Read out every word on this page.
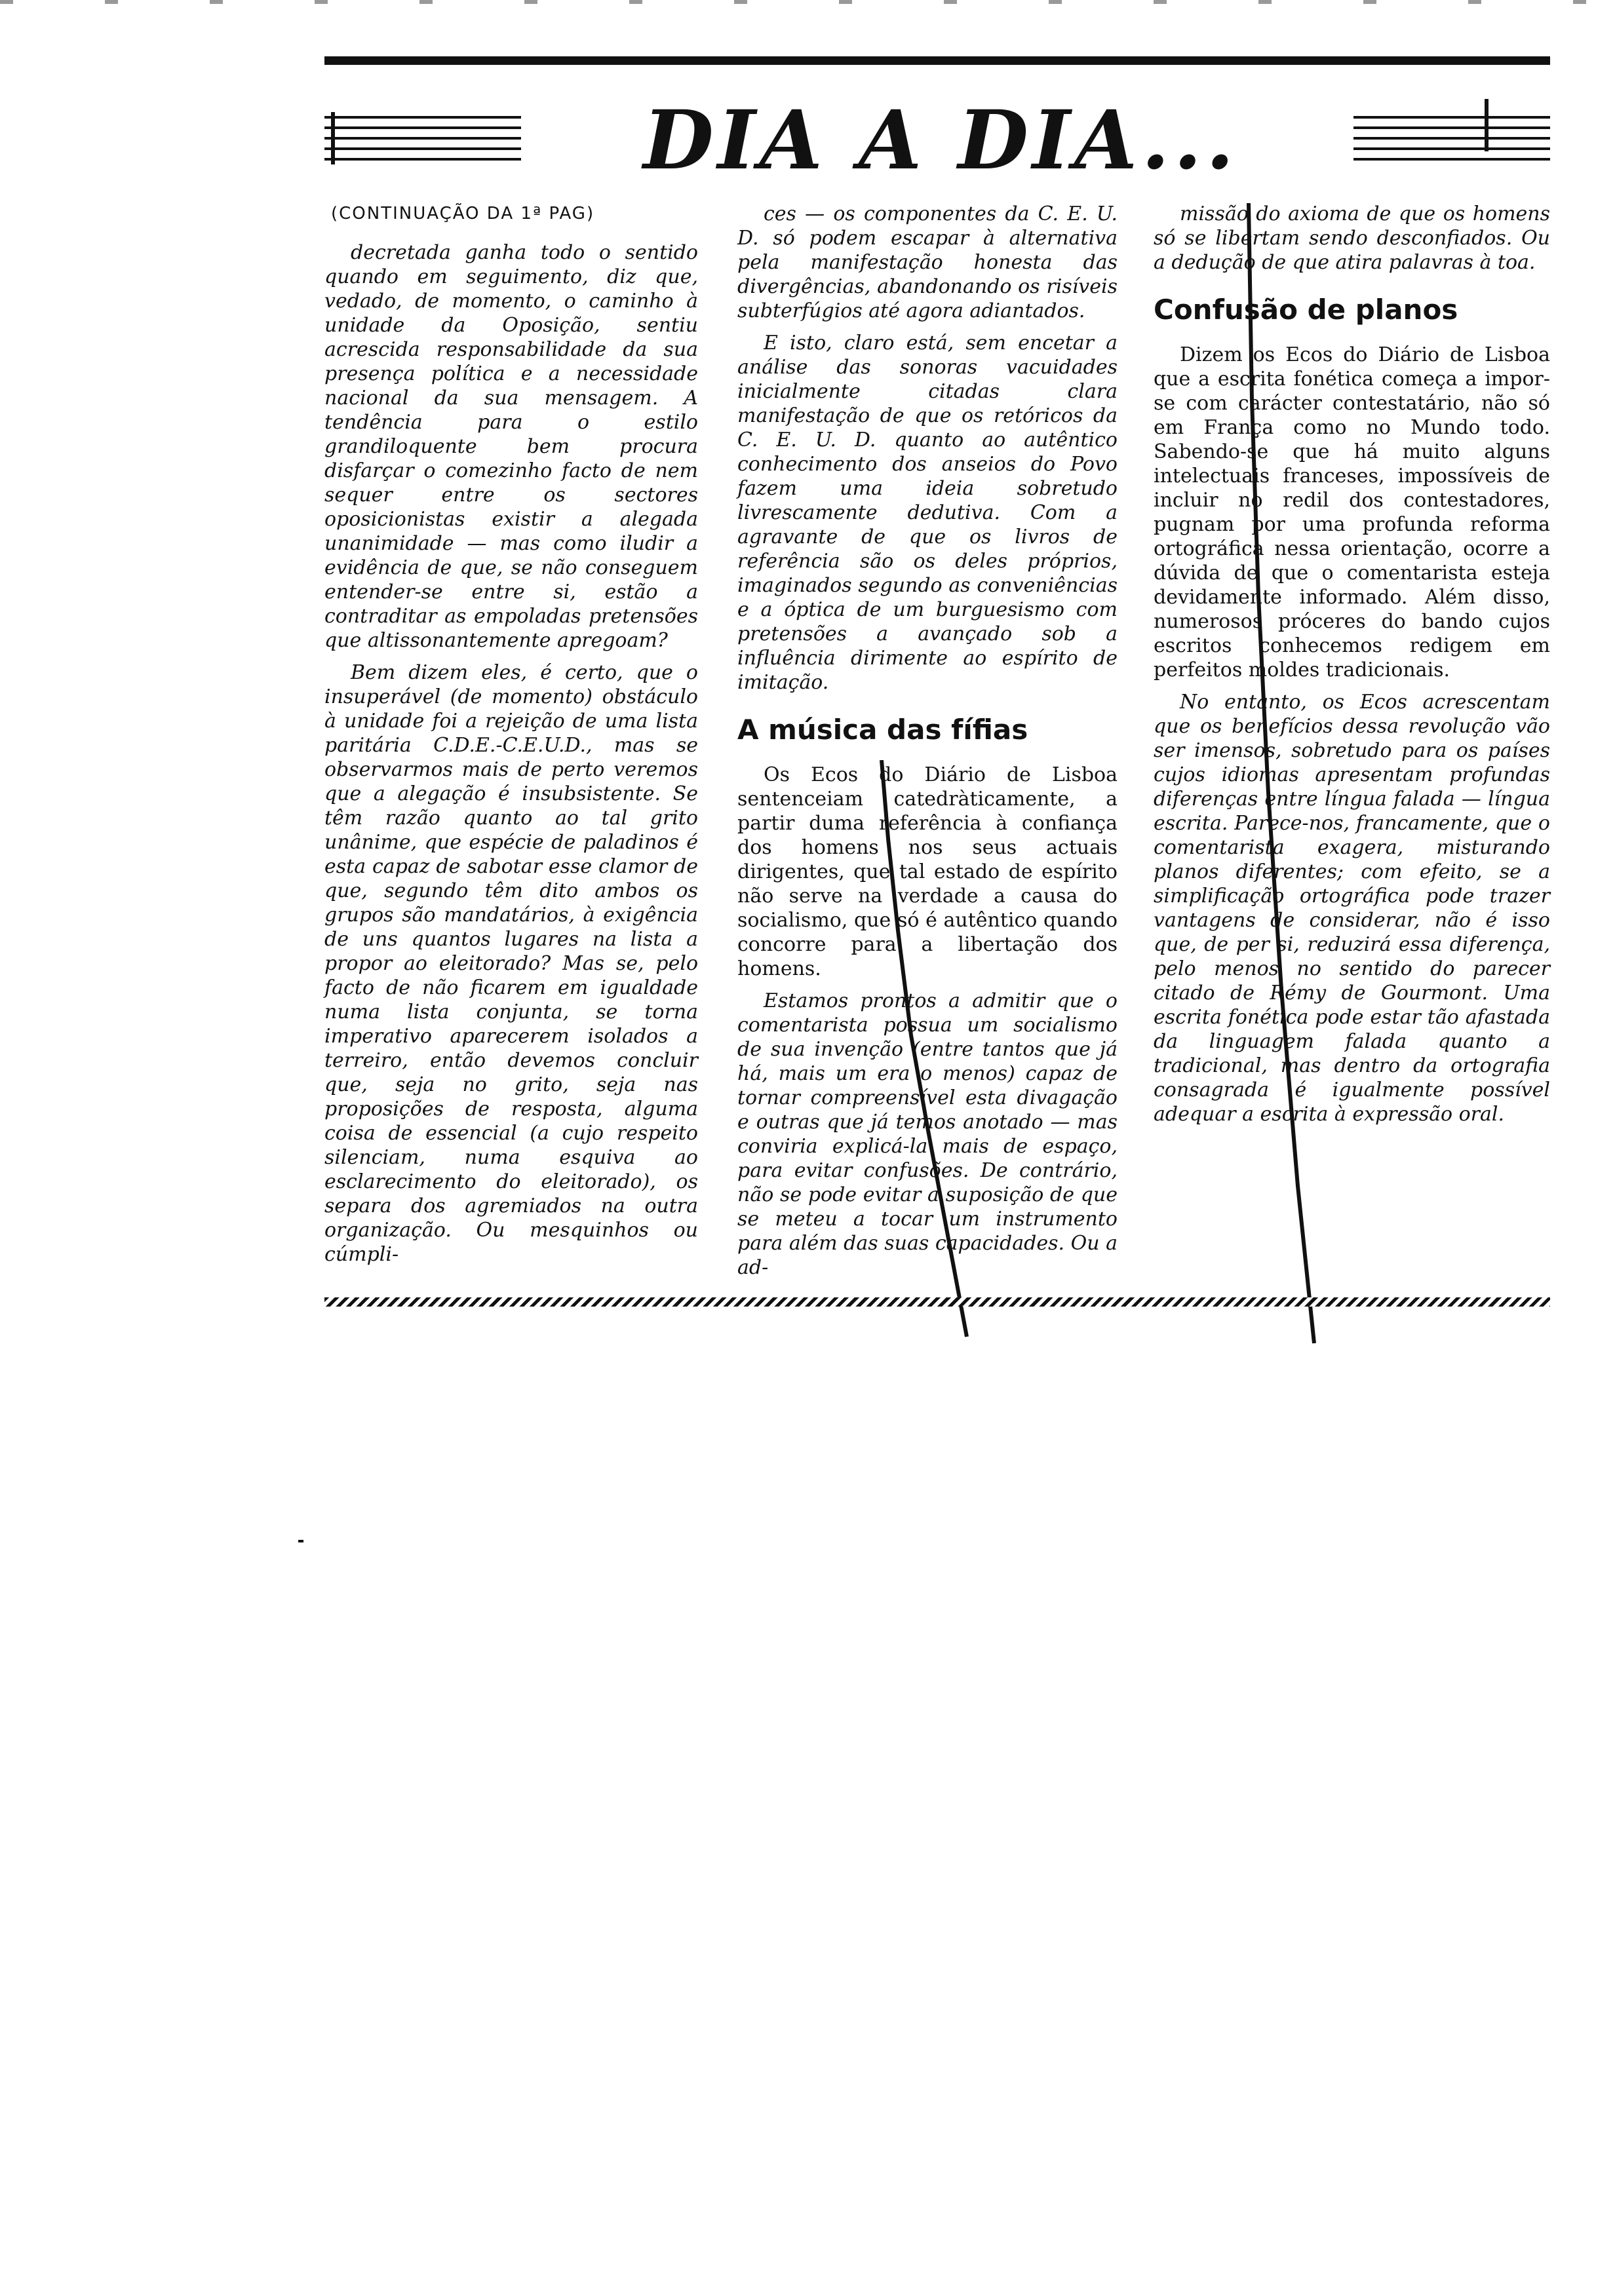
DIA A DIA...
(CONTINUAÇÃO DA 1ª PAG)

decretada ganha todo o sentido quando em seguimento, diz que, vedado, de momento, o caminho à unidade da Oposição, sentiu acrescida responsabilidade da sua presença política e a necessidade nacional da sua mensagem. A tendência para o estilo grandiloquente bem procura disfarçar o comezinho facto de nem sequer entre os sectores oposicionistas existir a alegada unanimidade — mas como iludir a evidência de que, se não conseguem entender-se entre si, estão a contraditar as empoladas pretensões que altissonantemente apregoam?

Bem dizem eles, é certo, que o insuperável (de momento) obstáculo à unidade foi a rejeição de uma lista paritária C.D.E.-C.E.U.D., mas se observarmos mais de perto veremos que a alegação é insubsistente. Se têm razão quanto ao tal grito unânime, que espécie de paladinos é esta capaz de sabotar esse clamor de que, segundo têm dito ambos os grupos são mandatários, à exigência de uns quantos lugares na lista a propor ao eleitorado? Mas se, pelo facto de não ficarem em igualdade numa lista conjunta, se torna imperativo aparecerem isolados a terreiro, então devemos concluir que, seja no grito, seja nas proposições de resposta, alguma coisa de essencial (a cujo respeito silenciam, numa esquiva ao esclarecimento do eleitorado), os separa dos agremiados na outra organização. Ou mesquinhos ou cúmpli-

ces — os componentes da C. E. U. D. só podem escapar à alternativa pela manifestação honesta das divergências, abandonando os risíveis subterfúgios até agora adiantados.

E isto, claro está, sem encetar a análise das sonoras vacuidades inicialmente citadas clara manifestação de que os retóricos da C. E. U. D. quanto ao autêntico conhecimento dos anseios do Povo fazem uma ideia sobretudo livrescamente dedutiva. Com a agravante de que os livros de referência são os deles próprios, imaginados segundo as conveniências e a óptica de um burguesismo com pretensões a avançado sob a influência dirimente ao espírito de imitação.

A música das fífias

Os Ecos do Diário de Lisboa sentenceiam catedràticamente, a partir duma referência à confiança dos homens nos seus actuais dirigentes, que tal estado de espírito não serve na verdade a causa do socialismo, que só é autêntico quando concorre para a libertação dos homens.

Estamos prontos a admitir que o comentarista possua um socialismo de sua invenção (entre tantos que já há, mais um era o menos) capaz de tornar compreensível esta divagação e outras que já temos anotado — mas conviria explicá-la mais de espaço, para evitar confusões. De contrário, não se pode evitar a suposição de que se meteu a tocar um instrumento para além das suas capacidades. Ou a ad-

missão do axioma de que os homens só se libertam sendo desconfiados. Ou a dedução de que atira palavras à toa.

Confusão de planos

Dizem os Ecos do Diário de Lisboa que a escrita fonética começa a impor-se com carácter contestatário, não só em França como no Mundo todo. Sabendo-se que há muito alguns intelectuais franceses, impossíveis de incluir no redil dos contestadores, pugnam por uma profunda reforma ortográfica nessa orientação, ocorre a dúvida de que o comentarista esteja devidamente informado. Além disso, numerosos próceres do bando cujos escritos conhecemos redigem em perfeitos moldes tradicionais.

No entanto, os Ecos acrescentam que os benefícios dessa revolução vão ser imensos, sobretudo para os países cujos idiomas apresentam profundas diferenças entre língua falada — língua escrita. Parece-nos, francamente, que o comentarista exagera, misturando planos diferentes; com efeito, se a simplificação ortográfica pode trazer vantagens de considerar, não é isso que, de per si, reduzirá essa diferença, pelo menos no sentido do parecer citado de Rémy de Gourmont. Uma escrita fonética pode estar tão afastada da linguagem falada quanto a tradicional, mas dentro da ortografia consagrada é igualmente possível adequar a escrita à expressão oral.
